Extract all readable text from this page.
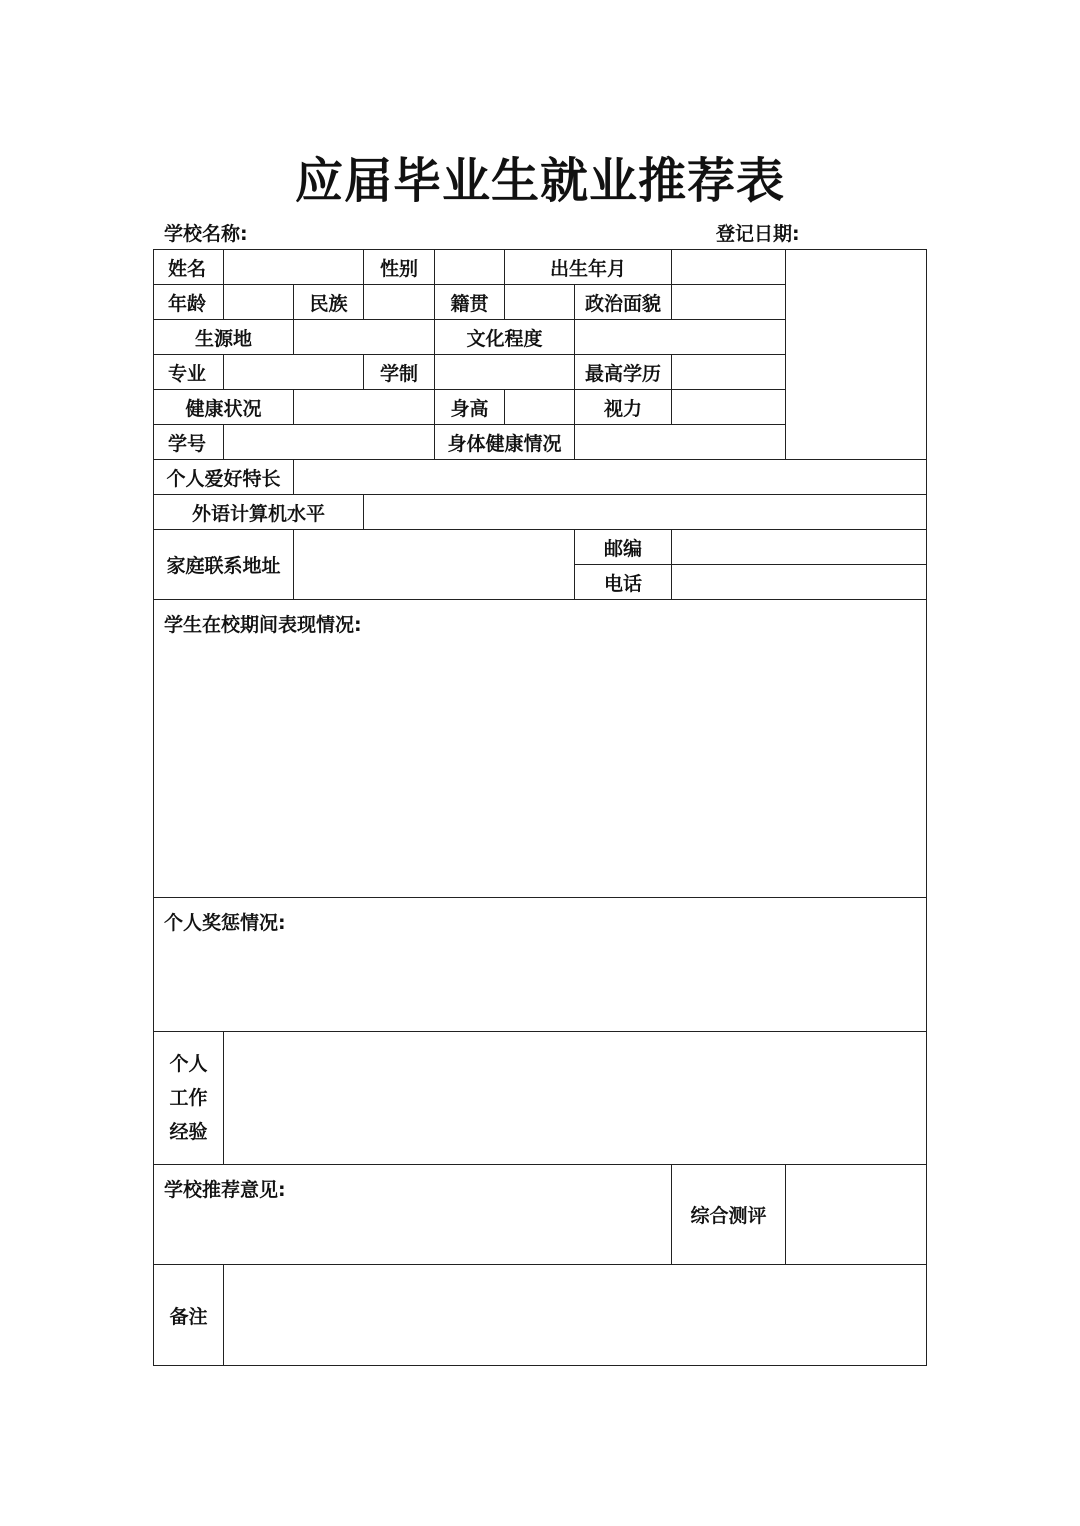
应届毕业生就业推荐表
学校名称:	登记日期:
姓名			性别		出生年月			
年龄		民族		籍贯		政治面貌		
生源地				文化程度				
专业			学制			最高学历		
健康状况				身高		视力		
学号				身体健康情况				
个人爱好特长								
外语计算机水平								
家庭联系地址						邮编		
						电话		
学生在校期间表现情况:								
个人奖惩情况:								

个人
工作
经验								

学校推荐意见:							综合测评	
备注								
